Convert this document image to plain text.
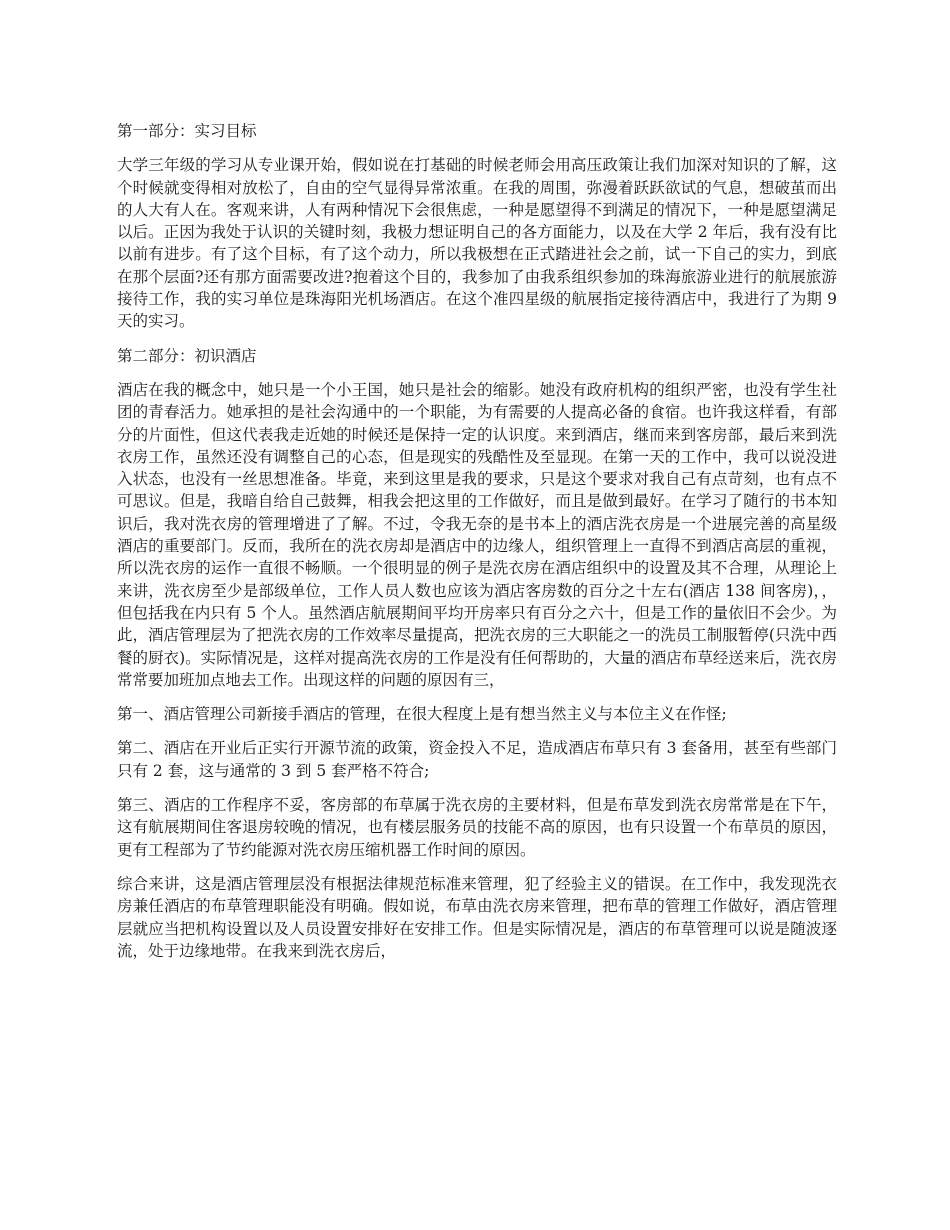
第一部分：实习目标

大学三年级的学习从专业课开始，假如说在打基础的时候老师会用高压政策让我们加深对知识的了解，这个时候就变得相对放松了，自由的空气显得异常浓重。在我的周围，弥漫着跃跃欲试的气息，想破茧而出的人大有人在。客观来讲，人有两种情况下会很焦虑，一种是愿望得不到满足的情况下，一种是愿望满足以后。正因为我处于认识的关键时刻，我极力想证明自己的各方面能力，以及在大学 2 年后，我有没有比以前有进步。有了这个目标，有了这个动力，所以我极想在正式踏进社会之前，试一下自己的实力，到底在那个层面?还有那方面需要改进?抱着这个目的，我参加了由我系组织参加的珠海旅游业进行的航展旅游接待工作，我的实习单位是珠海阳光机场酒店。在这个准四星级的航展指定接待酒店中，我进行了为期 9 天的实习。

第二部分：初识酒店

酒店在我的概念中，她只是一个小王国，她只是社会的缩影。她没有政府机构的组织严密，也没有学生社团的青春活力。她承担的是社会沟通中的一个职能，为有需要的人提高必备的食宿。也许我这样看，有部分的片面性，但这代表我走近她的时候还是保持一定的认识度。来到酒店，继而来到客房部，最后来到洗衣房工作，虽然还没有调整自己的心态，但是现实的残酷性及至显现。在第一天的工作中，我可以说没进入状态，也没有一丝思想准备。毕竟，来到这里是我的要求，只是这个要求对我自己有点苛刻，也有点不可思议。但是，我暗自给自己鼓舞，相我会把这里的工作做好，而且是做到最好。在学习了随行的书本知识后，我对洗衣房的管理增进了了解。不过，令我无奈的是书本上的酒店洗衣房是一个进展完善的高星级酒店的重要部门。反而，我所在的洗衣房却是酒店中的边缘人，组织管理上一直得不到酒店高层的重视，所以洗衣房的运作一直很不畅顺。一个很明显的例子是洗衣房在酒店组织中的设置及其不合理，从理论上来讲，洗衣房至少是部级单位，工作人员人数也应该为酒店客房数的百分之十左右(酒店 138 间客房)，，但包括我在内只有 5 个人。虽然酒店航展期间平均开房率只有百分之六十，但是工作的量依旧不会少。为此，酒店管理层为了把洗衣房的工作效率尽量提高，把洗衣房的三大职能之一的洗员工制服暂停(只洗中西餐的厨衣)。实际情况是，这样对提高洗衣房的工作是没有任何帮助的，大量的酒店布草经送来后，洗衣房常常要加班加点地去工作。出现这样的问题的原因有三，

第一、酒店管理公司新接手酒店的管理，在很大程度上是有想当然主义与本位主义在作怪;

第二、酒店在开业后正实行开源节流的政策，资金投入不足，造成酒店布草只有 3 套备用，甚至有些部门只有 2 套，这与通常的 3 到 5 套严格不符合;

第三、酒店的工作程序不妥，客房部的布草属于洗衣房的主要材料，但是布草发到洗衣房常常是在下午，这有航展期间住客退房较晚的情况，也有楼层服务员的技能不高的原因，也有只设置一个布草员的原因，更有工程部为了节约能源对洗衣房压缩机器工作时间的原因。

综合来讲，这是酒店管理层没有根据法律规范标准来管理，犯了经验主义的错误。在工作中，我发现洗衣房兼任酒店的布草管理职能没有明确。假如说，布草由洗衣房来管理，把布草的管理工作做好，酒店管理层就应当把机构设置以及人员设置安排好在安排工作。但是实际情况是，酒店的布草管理可以说是随波逐流，处于边缘地带。在我来到洗衣房后，
